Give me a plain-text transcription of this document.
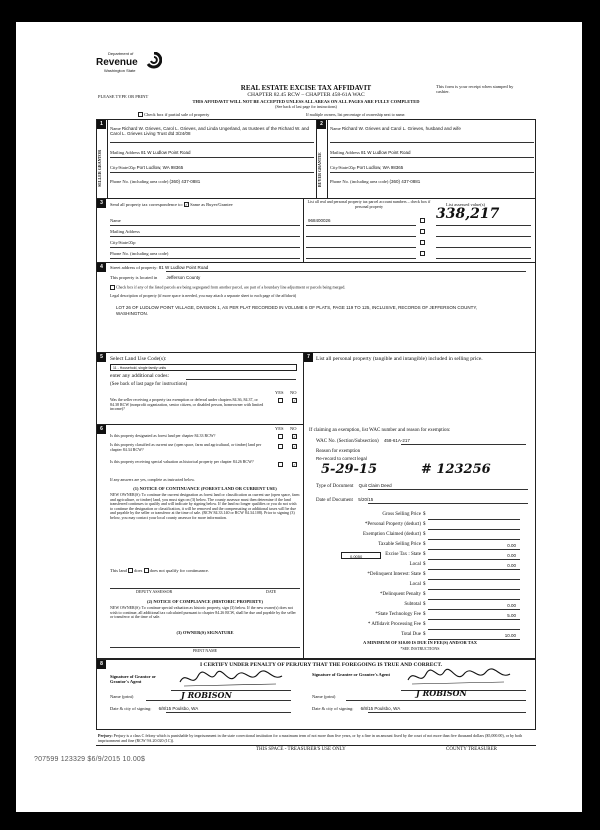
Department of
Revenue
Washington State
PLEASE TYPE OR PRINT
REAL ESTATE EXCISE TAX AFFIDAVIT
CHAPTER 82.45 RCW – CHAPTER 458-61A WAC
THIS AFFIDAVIT WILL NOT BE ACCEPTED UNLESS ALL AREAS ON ALL PAGES ARE FULLY COMPLETED
(See back of last page for instructions)
This form is your receipt when stamped by cashier.
Check box if partial sale of property	If multiple owners, list percentage of ownership next to name.
1
SELLER GRANTOR
Name Richard W. Grieves, Carol L. Grieves, and Linda Ungerland, as trustees of the Richard W. and Carol L. Grieves Living Trust dtd 3/24/08
Mailing Address 81 W Ludlow Point Road
City/State/Zip Port Ludlow, WA 98365
Phone No. (including area code) (360) 437-0881
2
BUYER GRANTEE
Name Richard W. Grieves and Carol L. Grieves, husband and wife
Mailing Address 81 W Ludlow Point Road
City/State/Zip Port Ludlow, WA 98365
Phone No. (including area code) (360) 437-0881
3	Send all property tax correspondence to: ✓ Same as Buyer/Grantee
Name
Mailing Address
City/State/Zip
Phone No. (including area code)
List all real and personal property tax parcel account numbers – check box if personal property
968400026
List assessed value(s)
338,217
4	Street address of property: 81 W Ludlow Point Road
This property is located in Jefferson County
Check box if any of the listed parcels are being segregated from another parcel, are part of a boundary line adjustment or parcels being merged.
Legal description of property (if more space is needed, you may attach a separate sheet to each page of the affidavit)
LOT 26 OF LUDLOW POINT VILLAGE, DIVISION 1, AS PER PLAT RECORDED IN VOLUME 6 OF PLATS, PAGE 119 TO 125, INCLUSIVE, RECORDS OF JEFFERSON COUNTY, WASHINGTON.
5	Select Land Use Code(s):
11 - Household, single family units
enter any additional codes:
(See back of last page for instructions)
YES NO
Was the seller receiving a property tax exemption or deferral under chapters 84.36, 84.37, or 84.38 RCW (nonprofit organization, senior citizen, or disabled person, homeowner with limited income)?
✓
6	YES NO
Is this property designated as forest land per chapter 84.33 RCW?	✓
Is this property classified as current use (open space, farm and agricultural, or timber) land per chapter 84.34 RCW?
✓
Is this property receiving special valuation as historical property per chapter 84.26 RCW?
✓
If any answers are yes, complete as instructed below.
(1) NOTICE OF CONTINUANCE (FOREST LAND OR CURRENT USE)
NEW OWNER(S): To continue the current designation as forest land or classification as current use (open space, farm and agriculture, or timber) land, you must sign on (3) below. The county assessor must then determine if the land transferred continues to qualify and will indicate by signing below. If the land no longer qualifies or you do not wish to continue the designation or classification, it will be removed and the compensating or additional taxes will be due and payable by the seller or transferor at the time of sale. (RCW 84.33.140 or RCW 84.34.108). Prior to signing (3) below, you may contact your local county assessor for more information.
This land does does not qualify for continuance.
DEPUTY ASSESSOR	DATE
(2) NOTICE OF COMPLIANCE (HISTORIC PROPERTY)
NEW OWNER(S): To continue special valuation as historic property, sign (3) below. If the new owner(s) does not wish to continue, all additional tax calculated pursuant to chapter 84.26 RCW, shall be due and payable by the seller or transferor at the time of sale.
(3) OWNER(S) SIGNATURE
PRINT NAME
7	List all personal property (tangible and intangible) included in selling price.
If claiming an exemption, list WAC number and reason for exemption:
WAC No. (Section/Subsection) 458-61A-217
Reason for exemption
Re-record to correct legal
5-29-15	# 123256
Type of Document Quit Claim Deed
Date of Document 5/20/15
Gross Selling Price $
*Personal Property (deduct) $
Exemption Claimed (deduct) $
Taxable Selling Price $	0.00
Excise Tax : State $	0.00
Local $	0.00
*Delinquent Interest: State $
Local $
*Delinquent Penalty $
Subtotal $	0.00
*State Technology Fee $	5.00
* Affidavit Processing Fee $
Total Due $	10.00
0.0050
A MINIMUM OF $10.00 IS DUE IN FEE(S) AND/OR TAX
*SEE INSTRUCTIONS
8	I CERTIFY UNDER PENALTY OF PERJURY THAT THE FOREGOING IS TRUE AND CORRECT.
Signature of Grantor or Grantor's Agent
Name (print)	J ROBISON
Date & city of signing: 6/8/15 Poulsbo, WA
Signature of Grantee or Grantee's Agent
Name (print)	J ROBISON
Date & city of signing: 6/8/15 Poulsbo, WA
Perjury: Perjury is a class C felony which is punishable by imprisonment in the state correctional institution for a maximum term of not more than five years, or by a fine in an amount fixed by the court of not more than five thousand dollars ($5,000.00), or by both imprisonment and fine (RCW 9A.20.020 (1C)).
THIS SPACE - TREASURER'S USE ONLY	COUNTY TREASURER
?07599 123329 $6/9/2015 10.00$
